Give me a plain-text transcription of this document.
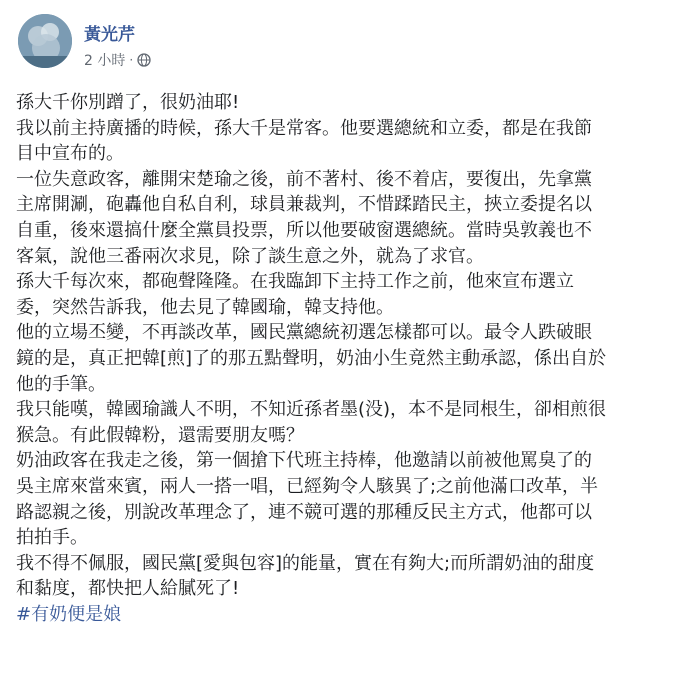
黃光芹
2 小時 ·

孫大千你別蹭了，很奶油耶!

我以前主持廣播的時候，孫大千是常客。他要選總統和立委，都是在我節

目中宣布的。

一位失意政客，離開宋楚瑜之後，前不著村、後不着店，要復出，先拿黨

主席開涮，砲轟他自私自利，球員兼裁判，不惜蹂踏民主，挾立委提名以

自重，後來還搞什麼全黨員投票，所以他要破窗選總統。當時吳敦義也不

客氣，說他三番兩次求見，除了談生意之外，就為了求官。

孫大千每次來，都砲聲隆隆。在我臨卸下主持工作之前，他來宣布選立

委，突然告訴我，他去見了韓國瑜，韓支持他。

他的立場丕變，不再談改革，國民黨總統初選怎樣都可以。最令人跌破眼

鏡的是，真正把韓[煎]了的那五點聲明，奶油小生竟然主動承認，係出自於

他的手筆。

我只能嘆，韓國瑜識人不明，不知近孫者墨(没)，本不是同根生，卻相煎很

猴急。有此假韓粉，還需要朋友嗎？

奶油政客在我走之後，第一個搶下代班主持棒，他邀請以前被他罵臭了的

吳主席來當來賓，兩人一搭一唱，已經夠令人駭異了;之前他滿口改革，半

路認親之後，別說改革理念了，連不競可選的那種反民主方式，他都可以

拍拍手。

我不得不佩服，國民黨[愛與包容]的能量，實在有夠大;而所謂奶油的甜度

和黏度，都快把人給膩死了!

#有奶便是娘
